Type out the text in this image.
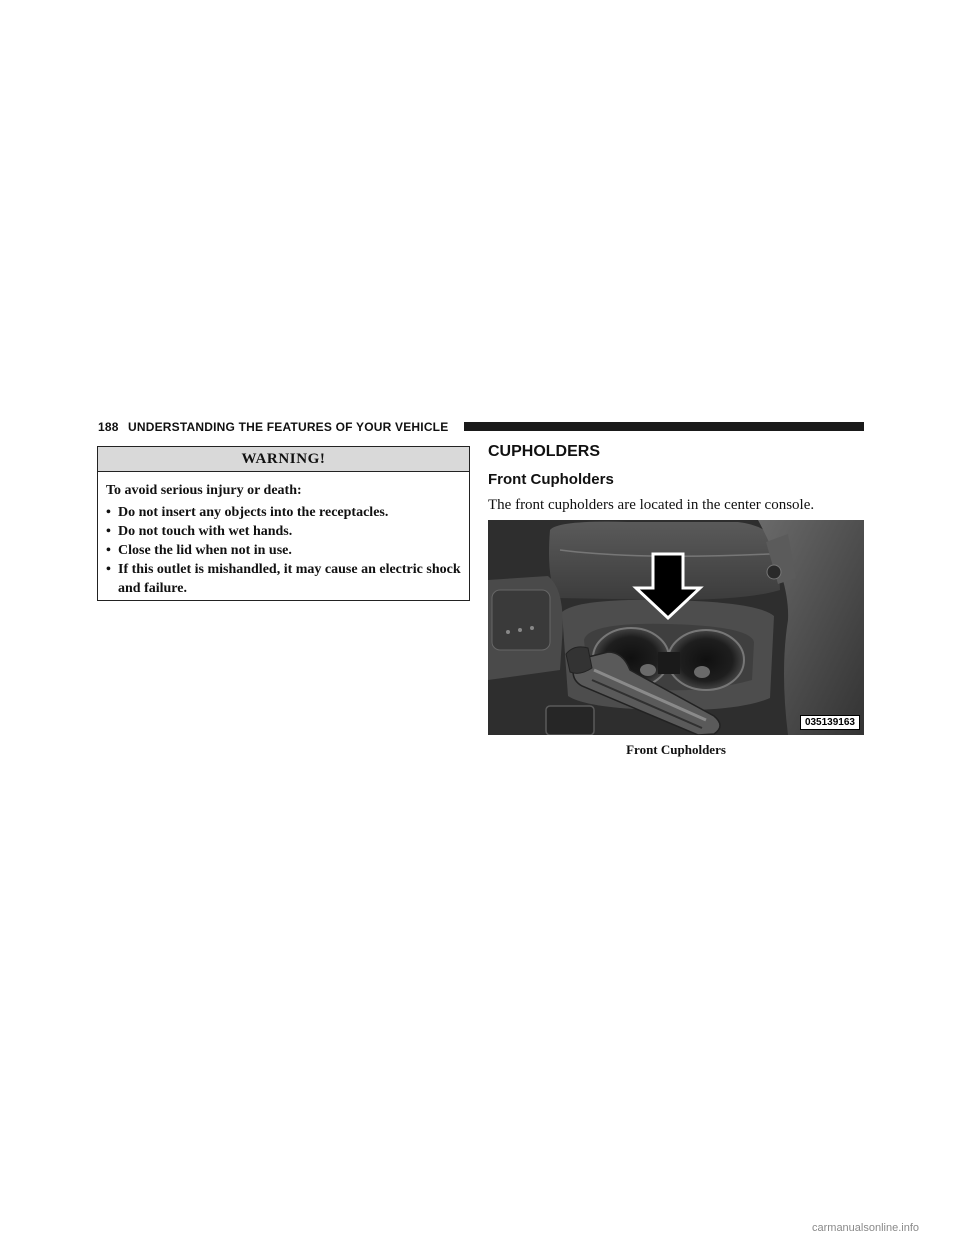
188 UNDERSTANDING THE FEATURES OF YOUR VEHICLE
WARNING!
To avoid serious injury or death:
• Do not insert any objects into the receptacles.
• Do not touch with wet hands.
• Close the lid when not in use.
• If this outlet is mishandled, it may cause an electric shock and failure.
CUPHOLDERS
Front Cupholders
The front cupholders are located in the center console.
035139163
Front Cupholders
carmanualsonline.info
